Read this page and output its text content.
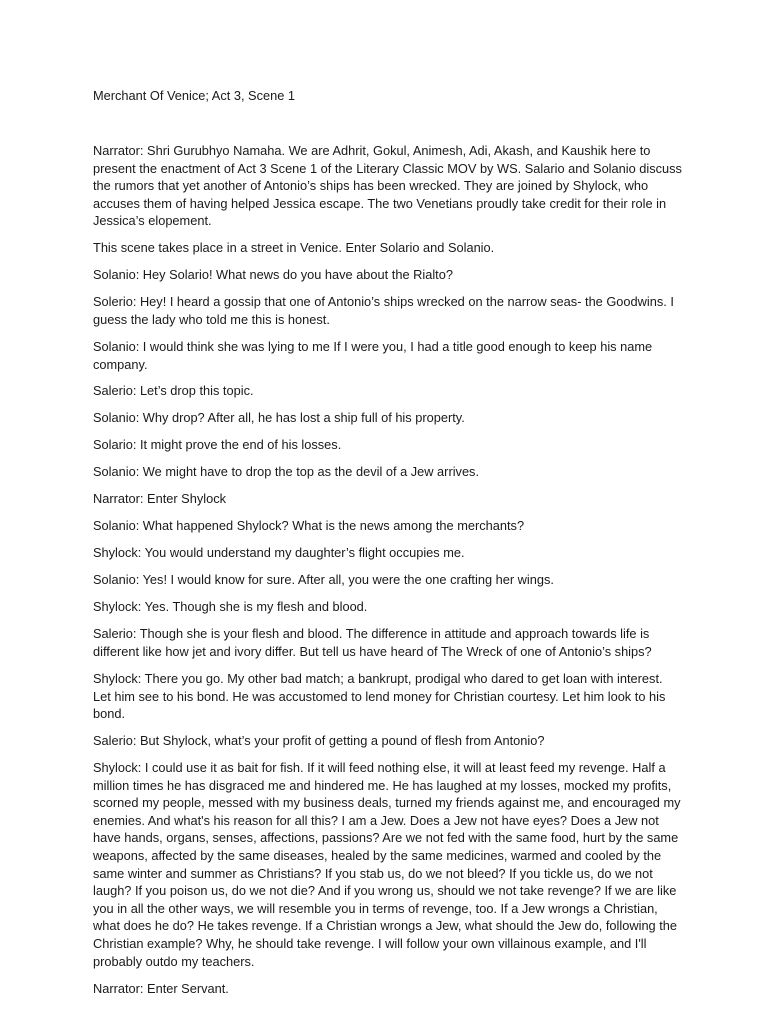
Merchant Of Venice; Act 3, Scene 1

Narrator: Shri Gurubhyo Namaha. We are Adhrit, Gokul, Animesh, Adi, Akash, and Kaushik here to present the enactment of Act 3 Scene 1 of the Literary Classic MOV by WS. Salario and Solanio discuss the rumors that yet another of Antonio’s ships has been wrecked. They are joined by Shylock, who accuses them of having helped Jessica escape. The two Venetians proudly take credit for their role in Jessica’s elopement.

This scene takes place in a street in Venice. Enter Solario and Solanio.

Solanio: Hey Solario! What news do you have about the Rialto?

Solerio: Hey! I heard a gossip that one of Antonio’s ships wrecked on the narrow seas- the Goodwins. I guess the lady who told me this is honest.

Solanio: I would think she was lying to me If I were you, I had a title good enough to keep his name company.

Salerio: Let’s drop this topic.

Solanio: Why drop? After all, he has lost a ship full of his property.

Solario: It might prove the end of his losses.

Solanio: We might have to drop the top as the devil of a Jew arrives.

Narrator: Enter Shylock

Solanio: What happened Shylock? What is the news among the merchants?

Shylock: You would understand my daughter’s flight occupies me.

Solanio: Yes! I would know for sure. After all, you were the one crafting her wings.

Shylock: Yes. Though she is my flesh and blood.

Salerio: Though she is your flesh and blood. The difference in attitude and approach towards life is different like how jet and ivory differ. But tell us have heard of The Wreck of one of Antonio’s ships?

Shylock: There you go. My other bad match; a bankrupt, prodigal who dared to get loan with interest. Let him see to his bond. He was accustomed to lend money for Christian courtesy. Let him look to his bond.

Salerio: But Shylock, what’s your profit of getting a pound of flesh from Antonio?

Shylock: I could use it as bait for fish. If it will feed nothing else, it will at least feed my revenge. Half a million times he has disgraced me and hindered me. He has laughed at my losses, mocked my profits, scorned my people, messed with my business deals, turned my friends against me, and encouraged my enemies. And what's his reason for all this? I am a Jew. Does a Jew not have eyes? Does a Jew not have hands, organs, senses, affections, passions? Are we not fed with the same food, hurt by the same weapons, affected by the same diseases, healed by the same medicines, warmed and cooled by the same winter and summer as Christians? If you stab us, do we not bleed? If you tickle us, do we not laugh? If you poison us, do we not die? And if you wrong us, should we not take revenge? If we are like you in all the other ways, we will resemble you in terms of revenge, too. If a Jew wrongs a Christian, what does he do? He takes revenge. If a Christian wrongs a Jew, what should the Jew do, following the Christian example? Why, he should take revenge. I will follow your own villainous example, and I'll probably outdo my teachers.

Narrator: Enter Servant.
